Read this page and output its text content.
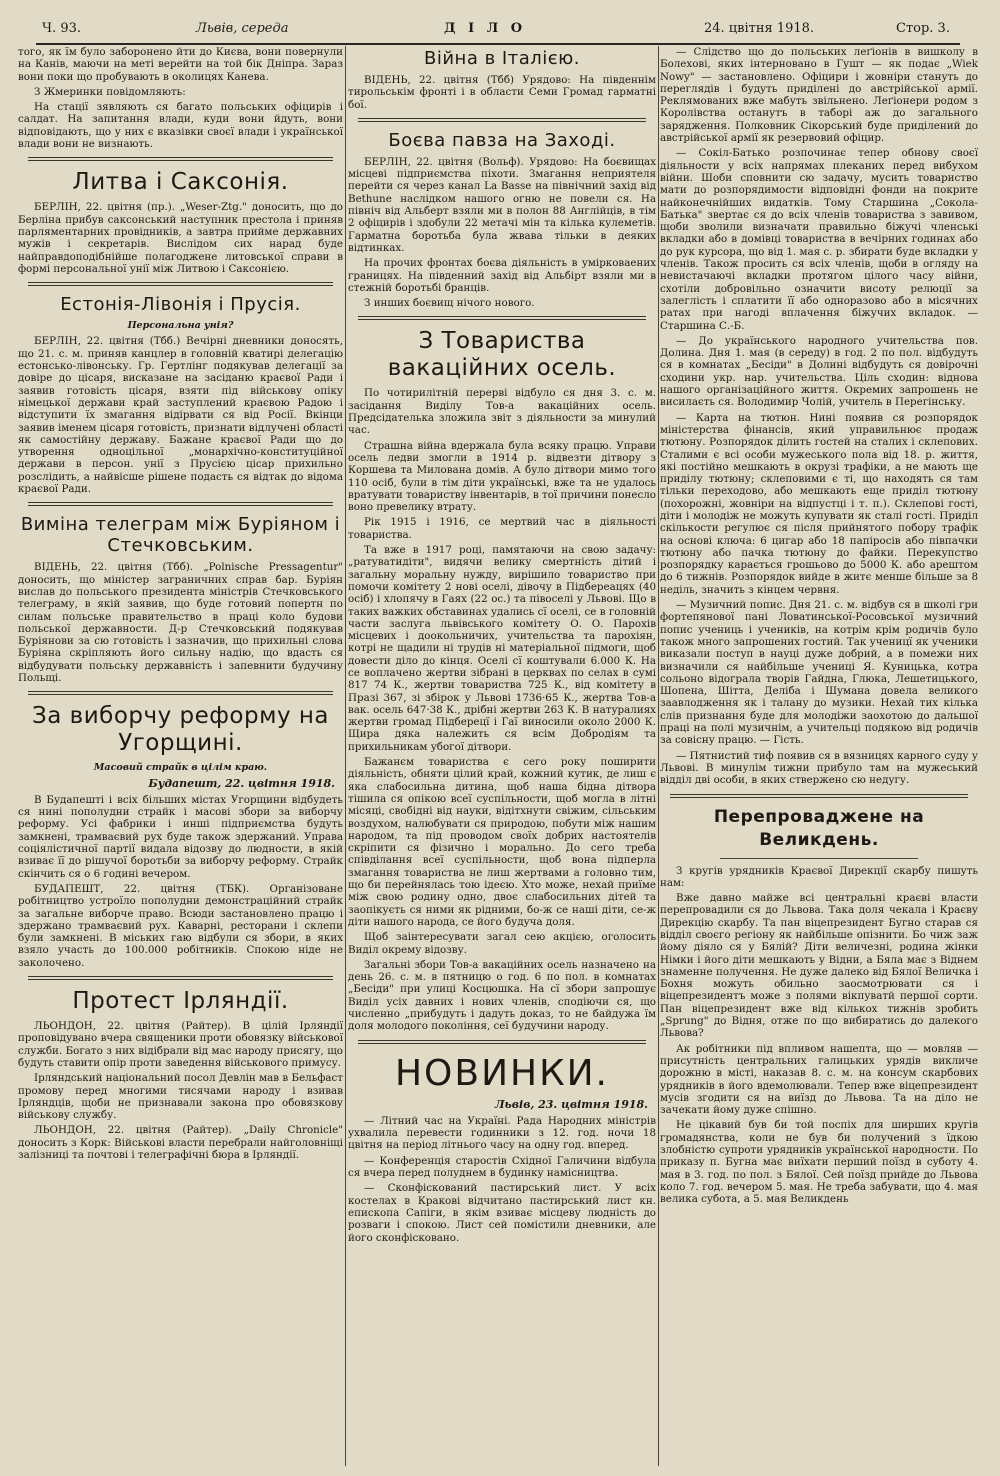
Ч. 93.	Львів, середа	Д І Л О	24. цвітня 1918.	Стор. 3.

того, як їм було заборонено йти до Києва, вони повернули на Канів, маючи на меті верейти на той бік Дніпра. Зараз вони поки що пробувають в околицях Канева.

З Жмеринки повідомляють:

На стації зявляють ся багато польських офіцирів і салдат. На запитання влади, куди вони йдуть, вони відповідають, що у них є вказівки своєї влади і української влади вони не визнають.

Литва і Саксонія.

БЕРЛІН, 22. цвітня (пр.). „Weser-Ztg." доносить, що до Берліна прибув саксонський наступник престола і приняв парляментарних провідників, а завтра прийме державних мужів і секретарів. Вислідом сих нарад буде найправдоподібнійше полагоджене литовської справи в формі персональної унії між Литвою і Саксонією.

Естонія-Лівонія і Прусія.

Персональна унія?

БЕРЛІН, 22. цвітня (Тбб.) Вечірні дневники доносять, що 21. с. м. приняв канцлер в головній кватирі делегацію естонсько-лівонську. Гр. Гертлінг подякував делегації за довіре до цісаря, висказане на засіданю краєвої Ради і заявив готовість цісаря, взяти під військову опіку німецької держави край заступлений краєвою Радою і відступити їх змагання відірвати ся від Росії. Вкінци заявив іменем цісаря готовість, признати відлучені області як самостійну державу. Бажане краєвої Ради що до утворення одноцільної „монархічно-конституційної держави в персон. унії з Прусією цісар прихильно розслідить, а найвісше рішене подасть ся відтак до відома краєвої Ради.

Виміна телеграм між Буріяном і Стечковським.

ВІДЕНЬ, 22. цвітня (Тбб). „Polnische Pressagentur" доносить, що міністер заграничних справ бар. Буріян вислав до польського президента міністрів Стечковського телеграму, в якій заявив, що буде готовий попертн по силам польське правительство в праці коло будови польської державности. Д-р Стечковський подякував Буріянови за сю готовість і зазначив, що прихильні слова Буріяна скріпляють його сильну надію, що вдасть ся відбудувати польську державність і запевнити будучину Польщі.

За виборчу реформу на Угорщині.

Масовий страйк в цілім краю.

Будапешт, 22. цвітня 1918.

В Будапешті і всіх більших містах Угорщини відбудеть ся нині пополудни страйк і масові збори за виборчу реформу. Усі фабрики і инші підприємства будуть замкнені, трамваєвий рух буде також здержаний. Управа соціялістичної партії видала відозву до людности, в якій взиває її до рішучої боротьби за виборчу реформу. Страйк скінчить ся о 6 годині вечером.

БУДАПЕШТ, 22. цвітня (ТБК). Організоване робітництво устроїло пополудни демонстраційний страйк за загальне виборче право. Всюди застановлено працю і здержано трамваєвий рух. Каварні, ресторани і склепи були замкнені. В міських гаю відбули ся збори, в яких взяло участь до 100.000 робітників. Спокою ніде не заколочено.

Протест Ірляндії.

ЛЬОНДОН, 22. цвітня (Райтер). В цілій Ірляндії проповідувано вчера священики проти обовязку військової служби. Богато з них відібрали від мас народу присягу, що будуть ставити опір проти заведення військового примусу.

Ірляндський національний посол Девлін мав в Бельфаст промову перед многими тисячами народу і взивав Ірляндців, щоби не признавали закона про обовязкову військову службу.

ЛЬОНДОН, 22. цвітня (Райтер). „Daily Chronicle" доносить з Корк: Військові власти перебрали найголовніщі залізниці та почтові і телеграфічні бюра в Ірляндії.

Війна в Італією.

ВІДЕНЬ, 22. цвітня (Тбб) Урядово: На південнім тирольськім фронті і в области Семи Громад гарматні бої.

Боєва павза на Заході.

БЕРЛІН, 22. цвітня (Вольф). Урядово: На боєвищах місцеві підприємства піхоти. Змагання неприятеля перейти ся через канал La Basse на північний захід від Bethune наслідком нашого огню не повели ся. На північ від Альберт взяли ми в полон 88 Англійців, в тім 2 офіцирів і здобули 22 метачі мін та кілька кулеметів. Гарматна боротьба була жвава тільки в деяких відтинках.

На прочих фронтах боєва діяльність в умірковаених границях. На південний захід від Альбірт взяли ми в стежній боротьбі бранців.

З инших боєвищ нічого нового.

З Товариства вакаційних осель.

По чотирилітній перерві відбуло ся дня 3. с. м. засідання Виділу Тов-а вакаційних осель. Предсідателька зложила звіт з діяльности за минулий час.

Страшна війна вдержала була всяку працю. Управи осель ледви змогли в 1914 р. відвезти дітвору з Коршева та Милована домів. А було дітвори мимо того 110 осіб, були в тім діти українські, вже та не удалось вратувати товариству інвентарів, в тої причини понесло воно превелику втрату.

Рік 1915 і 1916, се мертвий час в діяльності товариства.

Та вже в 1917 році, памятаючи на свою задачу: „ратуватидіти", видячи велику смертність дітий і загальну моральну нужду, вирішило товариство при помочи комітету 2 нові оселі, дівочу в Підбереацях (40 осіб) і хлопячу в Гаях (22 ос.) та півоселі у Львові. Що в таких важких обставинах удались сї оселі, се в головній части заслуга львівського комітету О. О. Парохів місцевих і доокольничих, учительства та парохіян, котрі не щадили ні трудів ні матеріальної підмоги, щоб довести діло до кінця. Оселі сї коштували 6.000 К. На се воплачено жертви зібрані в церквах по селах в сумі 817 74 К., жертви товариства 725 К., від комітету в Празі 367, зі збірок у Львові 1736·65 К., жертва Тов-а вак. осель 647·38 К., дрібні жертви 263 К. В натуралиях жертви громад Підберецї і Гаї виносили около 2000 К. Щира дяка належить ся всім Добродіям та прихильникам убогої дітвори.

Бажанєм товариства є сего року поширити діяльність, обняти цілий край, кожний кутик, де лиш є яка слабосильна дитина, щоб наша бідна дітвора тішила ся опікою всеї суспільности, щоб могла в літні місяці, свобідні від науки, відітхнути свіжим, сільським воздухом, налюбувати ся природою, побути між нашим народом, та під проводом своїх добрих настоятелів скріпити ся фізично і морально. До сего треба співділання всеї суспільности, щоб вона підперла змагання товариства не лиш жертвами а головно тим, що би перейнялась тою ідеєю. Хто може, нехай приїме між свою родину одно, двоє слабосильних дітей та заопікуєть ся ними як рідними, бо-ж се наші діти, се-ж діти нашого народа, се його будуча доля.

Щоб заінтересувати загал сею акцією, оголосить Виділ окрему відозву.

Загальні збори Тов-а вакаційних осель назначено на день 26. с. м. в пятницю о год. 6 по пол. в комнатах „Бесіди" при улиці Косцюшка. На сї збори запрошує Виділ усіх давних і нових членів, сподіючи ся, що численно „прибудуть і дадуть доказ, то не байдужа їм доля молодого покоління, сеї будучини народу.

НОВИНКИ.

Львів, 23. цвітня 1918.

— Літний час на Україні. Рада Народних міністрів ухвалила перевести годинники з 12. год. ночи 18 цвітня на період літнього часу на одну год. вперед.

— Конференція старостів Східної Галичини відбула ся вчера перед полуднем в будинку намісництва.

— Сконфіскований пастирський лист. У всіх костелах в Кракові відчитано пастирський лист кн. епископа Сапіги, в якім взиває місцеву людність до розваги і спокою. Лист сей помістили дневники, але його сконфісковано.

— Слідство що до польських леґіонів в вишколу в Болехові, яких інтерновано в Гушт — як подає „Wiek Nowy" — застановлено. Офіцири і жовніри стануть до переглядів і будуть приділені до австрійської армії. Реклямованих вже мабуть звільнено. Леґіонери родом з Королівства останутъ в таборі аж до загального зарядження. Полковник Сікорський буде приділений до австрійської армії як резервовий офіцир.

— Сокіл-Батько розпочинає тепер обнову своєї діяльности у всіх напрямах плеканих перед вибухом війни. Шоби сповнити сю задачу, мусить товариство мати до розпорядимости відповідні фонди на покрите найконечнійших видатків. Тому Старшина „Сокола-Батька" звертає ся до всіх членів товариства з завивом, щоби зволили визначати правильно біжучі членські вкладки або в домівці товариства в вечірних годинах або до рук курсора, що від 1. мая с. р. збирати буде вкладки у членів. Також просить ся всіх членів, щоби в огляду на невистачаючі вкладки протягом цілого часу війни, схотіли добровільно означити висоту релюції за залеглість і сплатити її або одноразово або в місячних ратах при нагоді вплачення біжучих вкладок. — Старшина С.-Б.

— До українського народного учительства пов. Долина. Дня 1. мая (в середу) в год. 2 по пол. відбудуть ся в комнатах „Бесіди" в Долині відбудуть ся довірочні сходини укр. нар. учительства. Ціль сходин: віднова нашого організаційного життя. Окремих запрошень не висилаєть ся. Володимир Чолій, учитель в Перегінську.

— Карта на тютюн. Нині появив ся розпорядок міністерства фінансів, який управильнює продаж тютюну. Розпорядок ділить гостей на сталих і склепових. Сталими є всі особи мужеського пола від 18. р. життя, які постійно мешкають в окрузі трафіки, а не мають ще приділу тютюну; склеповими є ті, що находять ся там тільки переходово, або мешкають еще приділ тютюну (похорожні, жовніри на відпустці і т. п.). Склепові гості, діти і молодіж не можуть купувати як сталі гості. Приділ скількости регулює ся після прийнятого поборy трафік на основі ключа: 6 цигар або 18 папіросів або півпачки тютюну або пачка тютюну до файки. Перекупство розпорядку карається грошьово до 5000 К. або арештом до 6 тижнів. Розпорядок вийде в житє менше більше за 8 неділь, значить з кінцем червня.

— Музичний попис. Дня 21. с. м. відбув ся в школі гри фортепянової пані Ловатинської-Росовської музичний попис учениць і учеників, на котрім крім родичів було також много запрошених гостий. Так ученицї як ученики виказали поступ в науці дуже добрий, а в помежи них визначили ся найбільше учениці Я. Куницька, котра сольоно відограла творів Гайдна, Глюка, Лешетицького, Шопена, Шітта, Деліба і Шумана довела великого заавлодження як і талану до музики. Нехай тих кілька слів признання буде для молодіжи заохотою до дальшої праці на полі музичнім, а учительці подякою від родичів за совісну працю. — Гість.

— Пятнистий тиф появив ся в вязницях карного суду у Львові. В минулім тижни прибуло там на мужеський відділ дві особи, в яких ствержено сю недугу.

Перепроваджене на Великдень.

З кругів урядників Краєвої Дирекції скарбу пишуть нам:

Вже давно майже всі центральні краєві власти перепровадили ся до Львова. Така доля чекала і Краєву Дирекцію скарбу. Та пан віцепрезидент Бугно старав ся відділ своєго регіону як найбільше опізнити. Бо чиж заж йому діяло ся у Бялій? Діти величезні, родина жінки Німки і його діти мешкають у Відни, а Бяла має з Віднем знаменне получення. Не дуже далеко від Бялої Величка і Бохня можуть обильно заосмотрювати ся і віцепрезидентъ може з полями вікпуватй першої сорти. Пан віцепрезидент вже від кількох тижнів зробить „Sprung" до Відня, отже по що вибиратись до далекого Львова?

Ак робітники під впливом нашепта, що — мовляв — присутність центральних галицьких урядів викличе дорожню в місті, наказав 8. с. м. на консум скарбових урядників в його вдемолювали. Тепер вже віцепрезидент мусів згодити ся на виїзд до Львова. Та на діло не зачекати йому дуже спішно.

Не цікавий був би той поспіх для ширших кругів громадянства, коли не був би получений з їдкою злобністю супроти урядників української народности. По приказу п. Бугна має виїхати перший поїзд в суботу 4. мая в 3. год. по пол. з Бялої. Сей поїзд прийде до Львова коло 7. год. вечером 5. мая. Не треба забувати, що 4. мая велика субота, а 5. мая Великдень
